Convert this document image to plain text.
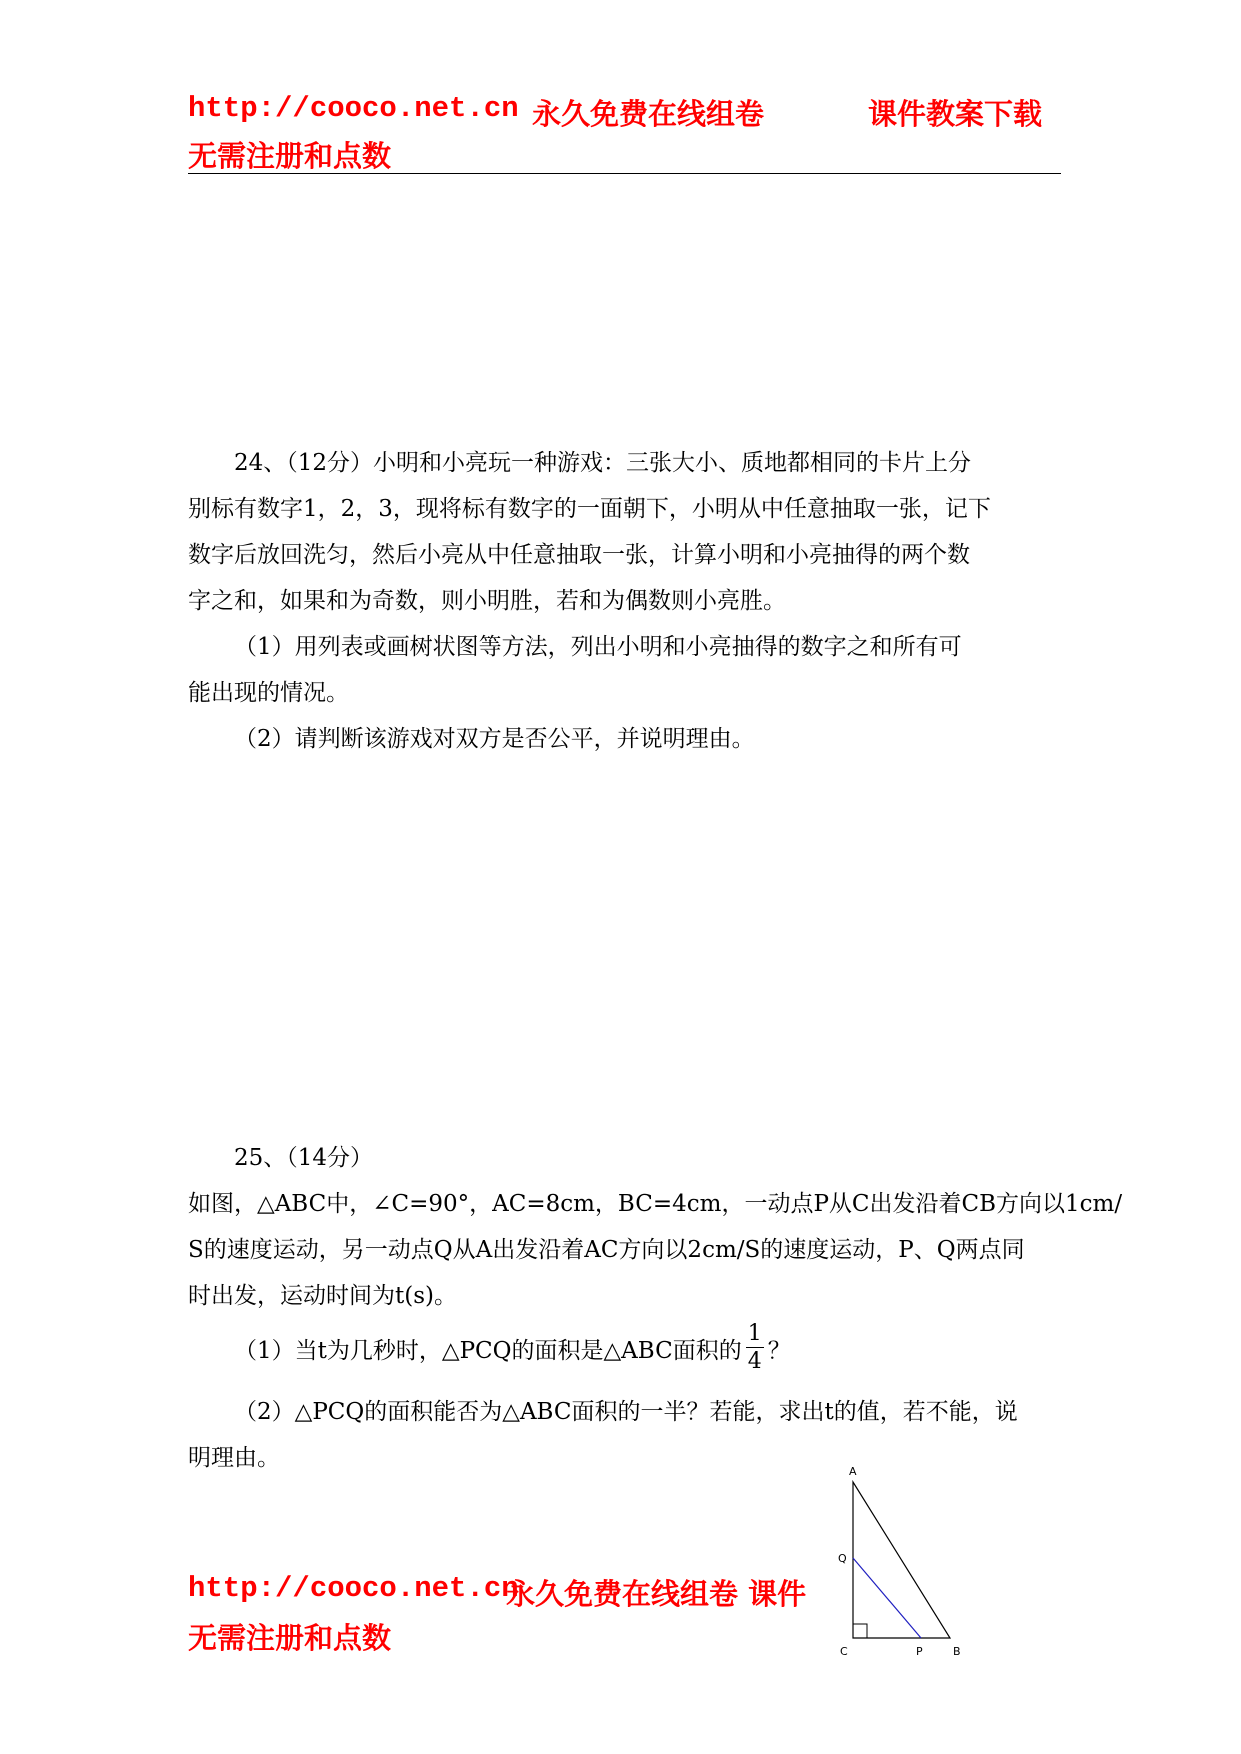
http://cooco.net.cn 永久免费在线组卷	课件教案下载
无需注册和点数
24、（12分）小明和小亮玩一种游戏：三张大小、质地都相同的卡片上分
别标有数字1，2，3，现将标有数字的一面朝下，小明从中任意抽取一张，记下
数字后放回洗匀，然后小亮从中任意抽取一张，计算小明和小亮抽得的两个数
字之和，如果和为奇数，则小明胜，若和为偶数则小亮胜。
（1）用列表或画树状图等方法，列出小明和小亮抽得的数字之和所有可
能出现的情况。
（2）请判断该游戏对双方是否公平，并说明理由。
25、（14分）
如图，△ABC中，∠C=90°，AC=8cm，BC=4cm，一动点P从C出发沿着CB方向以1cm/
S的速度运动，另一动点Q从A出发沿着AC方向以2cm/S的速度运动，P、Q两点同
时出发，运动时间为t(s)。
（1）当t为几秒时，△PCQ的面积是△ABC面积的 $\frac{1}{4}$ ？
（2）△PCQ的面积能否为△ABC面积的一半？若能，求出t的值，若不能，说
明理由。
http://cooco.net.cn
永久免费在线组卷 课件
无需注册和点数
A
Q
C	P	B
